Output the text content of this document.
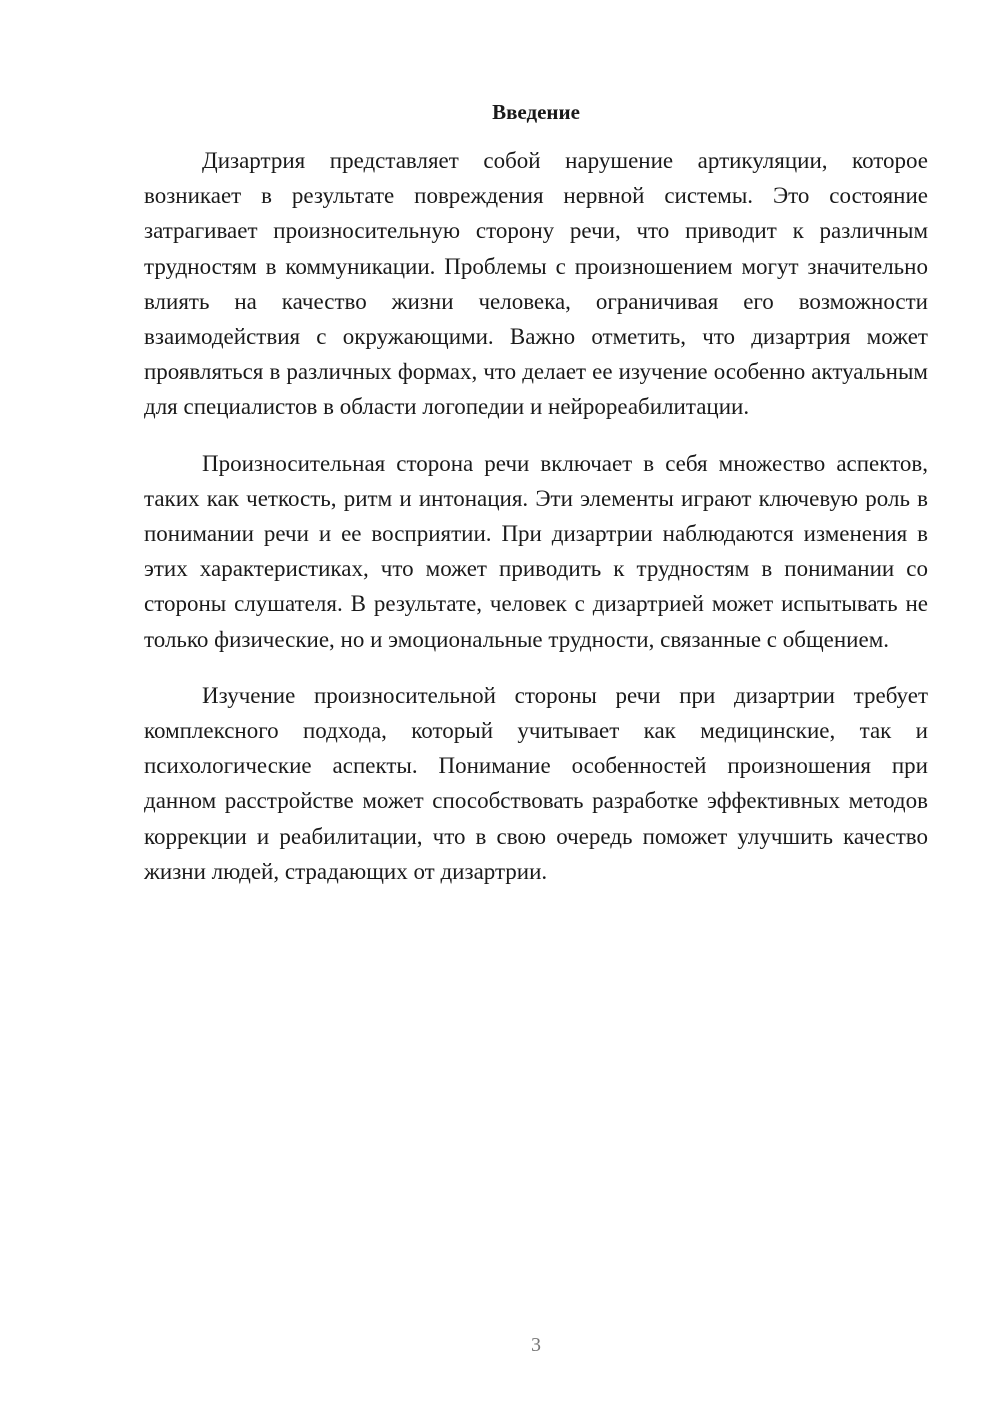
Введение

Дизартрия представляет собой нарушение артикуляции, которое возникает в результате повреждения нервной системы. Это состояние затрагивает произносительную сторону речи, что приводит к различным трудностям в коммуникации. Проблемы с произношением могут значительно влиять на качество жизни человека, ограничивая его возможности взаимодействия с окружающими. Важно отметить, что дизартрия может проявляться в различных формах, что делает ее изучение особенно актуальным для специалистов в области логопедии и нейрореабилитации.

Произносительная сторона речи включает в себя множество аспектов, таких как четкость, ритм и интонация. Эти элементы играют ключевую роль в понимании речи и ее восприятии. При дизартрии наблюдаются изменения в этих характеристиках, что может приводить к трудностям в понимании со стороны слушателя. В результате, человек с дизартрией может испытывать не только физические, но и эмоциональные трудности, связанные с общением.

Изучение произносительной стороны речи при дизартрии требует комплексного подхода, который учитывает как медицинские, так и психологические аспекты. Понимание особенностей произношения при данном расстройстве может способствовать разработке эффективных методов коррекции и реабилитации, что в свою очередь поможет улучшить качество жизни людей, страдающих от дизартрии.

3
